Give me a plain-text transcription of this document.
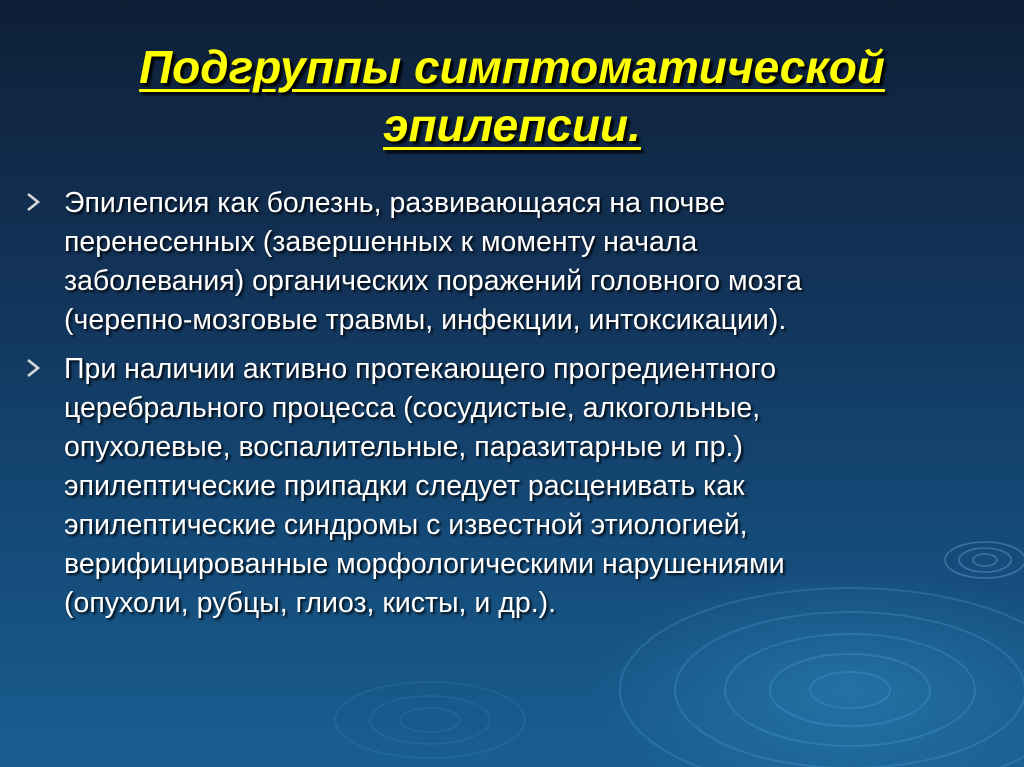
Подгруппы симптоматической
эпилепсии.
Эпилепсия как болезнь, развивающаяся на почве
перенесенных (завершенных к моменту начала
заболевания) органических поражений головного мозга
(черепно-мозговые травмы, инфекции, интоксикации).
При наличии активно протекающего прогредиентного
церебрального процесса (сосудистые, алкогольные,
опухолевые, воспалительные, паразитарные и пр.)
эпилептические припадки следует расценивать как
эпилептические синдромы с известной этиологией,
верифицированные морфологическими нарушениями
(опухоли, рубцы, глиоз, кисты, и др.).
